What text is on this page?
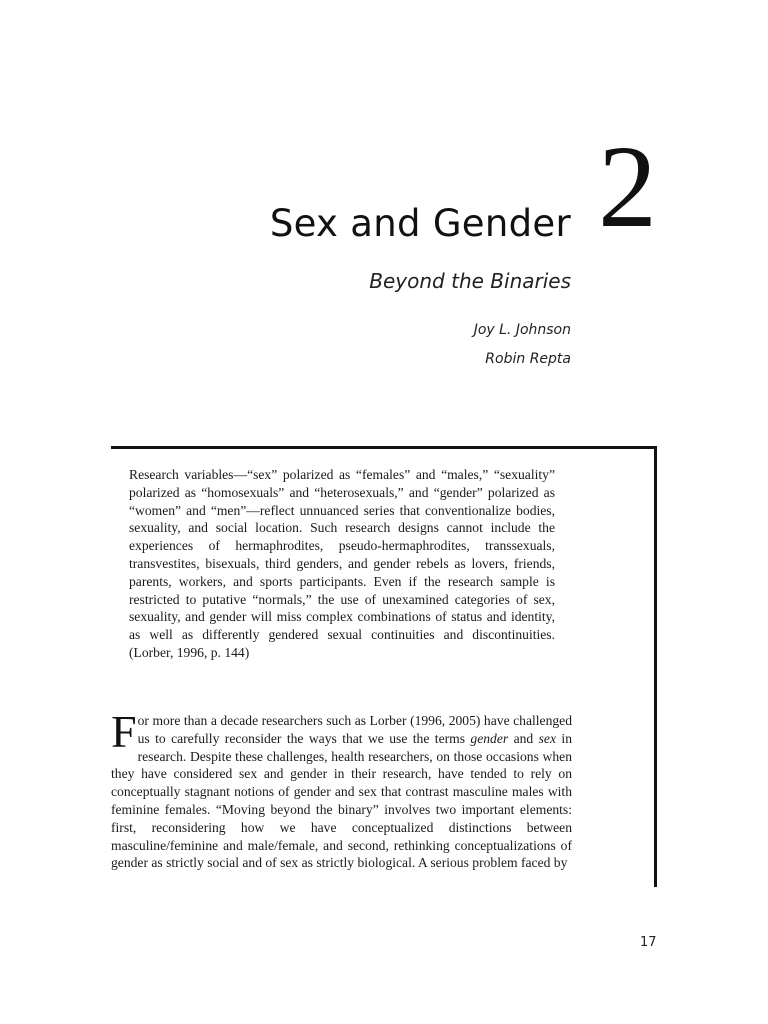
2
Sex and Gender
Beyond the Binaries
Joy L. Johnson
Robin Repta

Research variables—“sex” polarized as “females” and “males,” “sexuality” polarized as “homosexuals” and “heterosexuals,” and “gender” polarized as “women” and “men”—reflect unnuanced series that conventionalize bodies, sexuality, and social location. Such research designs cannot include the experiences of hermaphrodites, pseudo-hermaphrodites, transsexuals, transvestites, bisexuals, third genders, and gender rebels as lovers, friends, parents, workers, and sports participants. Even if the research sample is restricted to putative “normals,” the use of unexamined categories of sex, sexuality, and gender will miss complex combinations of status and identity, as well as differently gendered sexual continuities and discontinuities. (Lorber, 1996, p. 144)

For more than a decade researchers such as Lorber (1996, 2005) have challenged us to carefully reconsider the ways that we use the terms gender and sex in research. Despite these challenges, health researchers, on those occasions when they have considered sex and gender in their research, have tended to rely on conceptually stagnant notions of gender and sex that contrast masculine males with feminine females. “Moving beyond the binary” involves two important elements: first, reconsidering how we have conceptualized distinctions between masculine/feminine and male/female, and second, rethinking conceptualizations of gender as strictly social and of sex as strictly biological. A serious problem faced by

17
